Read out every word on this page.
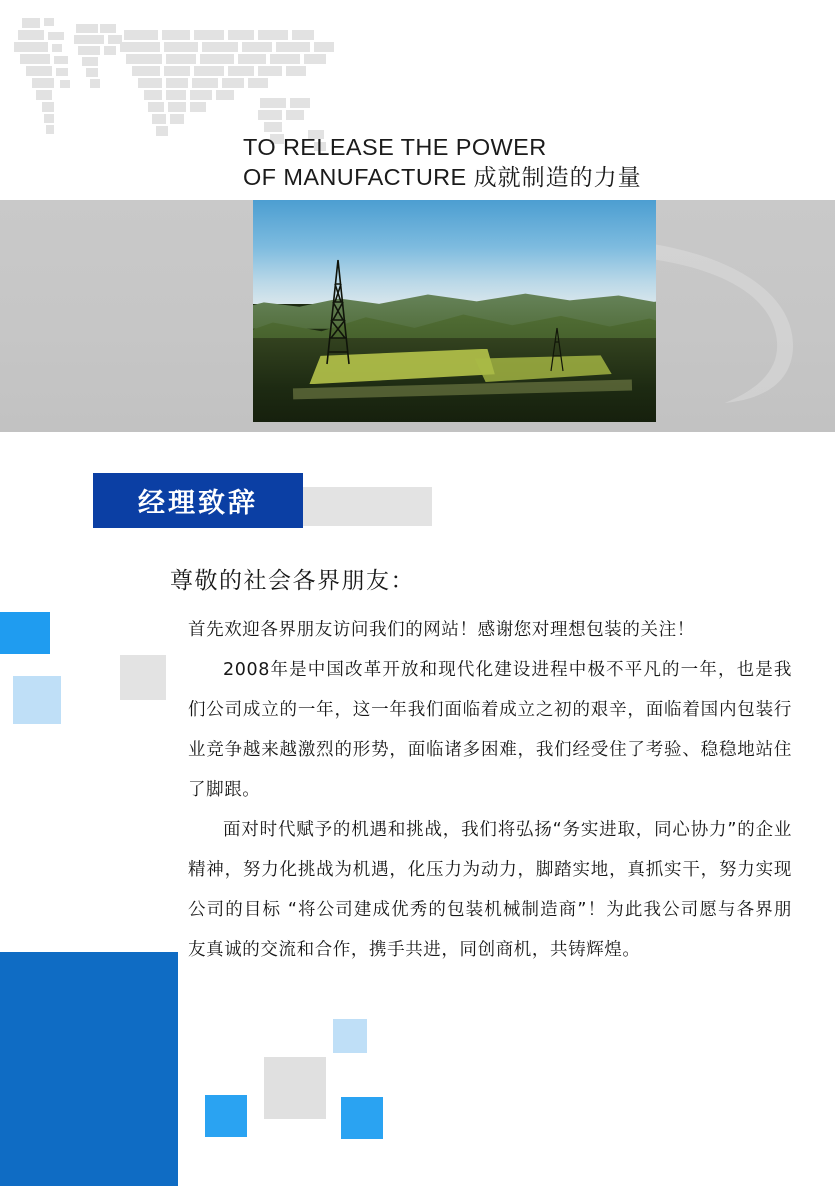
TO RELEASE THE POWER
OF MANUFACTURE 成就制造的力量
经理致辞
尊敬的社会各界朋友：

首先欢迎各界朋友访问我们的网站！感谢您对理想包装的关注！

2008年是中国改革开放和现代化建设进程中极不平凡的一年，也是我们公司成立的一年，这一年我们面临着成立之初的艰辛，面临着国内包装行业竞争越来越激烈的形势，面临诸多困难，我们经受住了考验、稳稳地站住了脚跟。

面对时代赋予的机遇和挑战，我们将弘扬“务实进取，同心协力”的企业精神，努力化挑战为机遇，化压力为动力，脚踏实地，真抓实干，努力实现公司的目标 “将公司建成优秀的包装机械制造商”！为此我公司愿与各界朋友真诚的交流和合作，携手共进，同创商机，共铸辉煌。
